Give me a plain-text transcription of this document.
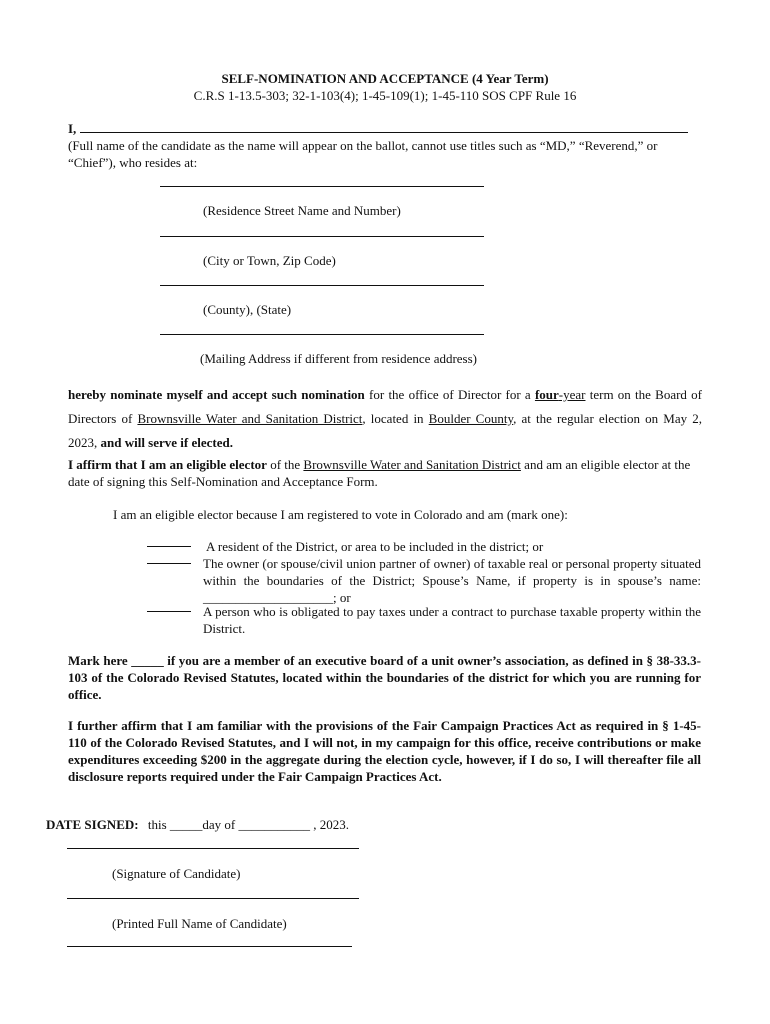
SELF-NOMINATION AND ACCEPTANCE (4 Year Term)
C.R.S 1-13.5-303; 32-1-103(4); 1-45-109(1); 1-45-110 SOS CPF Rule 16
I,
(Full name of the candidate as the name will appear on the ballot, cannot use titles such as “MD,” “Reverend,” or “Chief”), who resides at:
(Residence Street Name and Number)
(City or Town, Zip Code)
(County), (State)
(Mailing Address if different from residence address)
hereby nominate myself and accept such nomination for the office of Director for a four-year term on the Board of Directors of Brownsville Water and Sanitation District, located in Boulder County, at the regular election on May 2, 2023, and will serve if elected.
I affirm that I am an eligible elector of the Brownsville Water and Sanitation District and am an eligible elector at the date of signing this Self-Nomination and Acceptance Form.
I am an eligible elector because I am registered to vote in Colorado and am (mark one):
A resident of the District, or area to be included in the district; or
The owner (or spouse/civil union partner of owner) of taxable real or personal property situated within the boundaries of the District; Spouse’s Name, if property is in spouse’s name: ____________________; or
A person who is obligated to pay taxes under a contract to purchase taxable property within the District.
Mark here _____ if you are a member of an executive board of a unit owner’s association, as defined in § 38-33.3-103 of the Colorado Revised Statutes, located within the boundaries of the district for which you are running for office.
I further affirm that I am familiar with the provisions of the Fair Campaign Practices Act as required in § 1-45-110 of the Colorado Revised Statutes, and I will not, in my campaign for this office, receive contributions or make expenditures exceeding $200 in the aggregate during the election cycle, however, if I do so, I will thereafter file all disclosure reports required under the Fair Campaign Practices Act.
DATE SIGNED: this _____day of ___________ , 2023.
(Signature of Candidate)
(Printed Full Name of Candidate)
